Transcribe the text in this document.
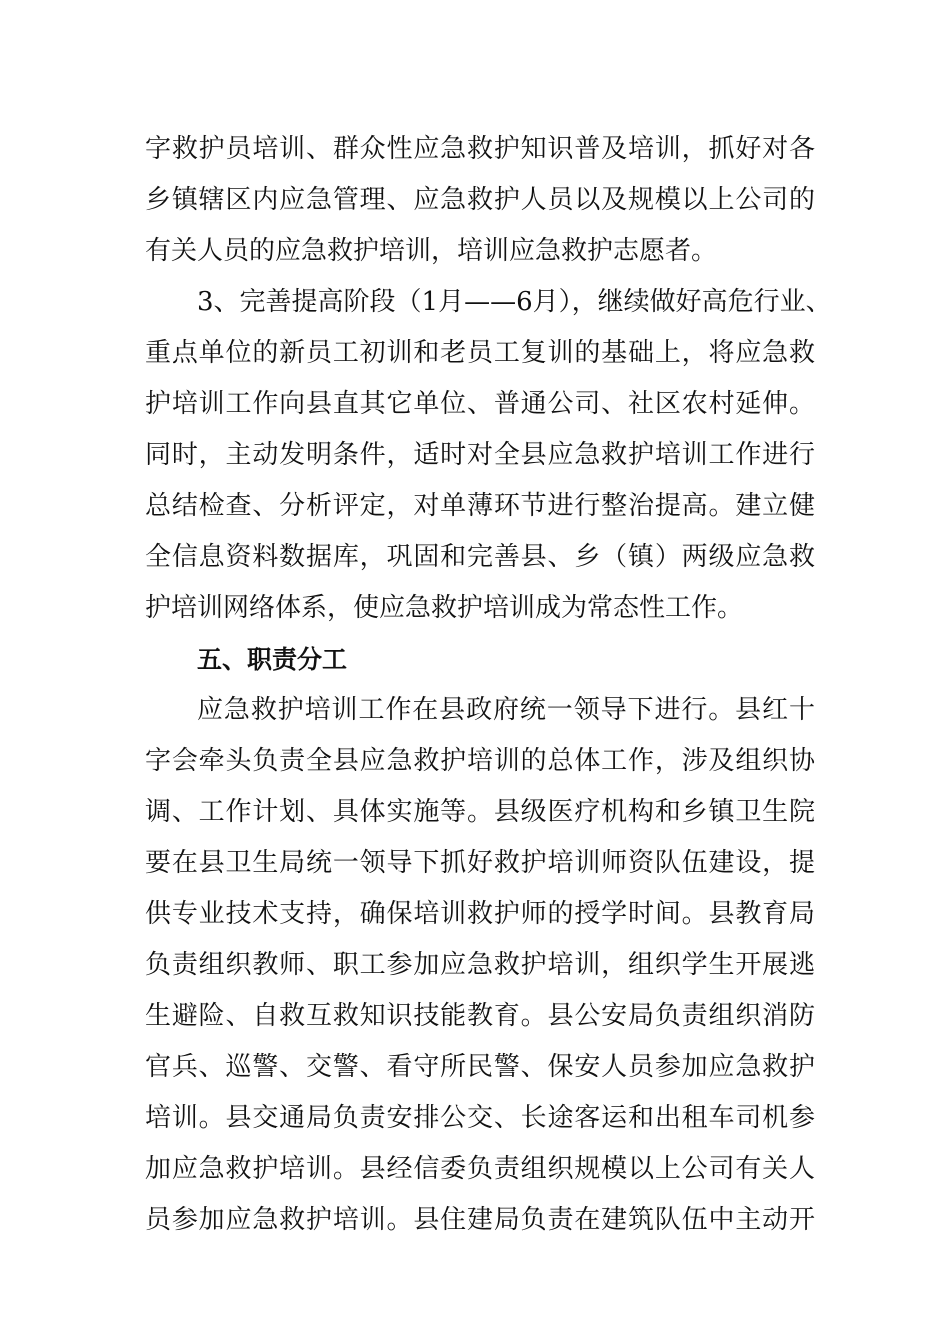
字救护员培训、群众性应急救护知识普及培训，抓好对各
乡镇辖区内应急管理、应急救护人员以及规模以上公司的
有关人员的应急救护培训，培训应急救护志愿者。
3、完善提高阶段（1月——6月），继续做好高危行业、
重点单位的新员工初训和老员工复训的基础上，将应急救
护培训工作向县直其它单位、普通公司、社区农村延伸。
同时，主动发明条件，适时对全县应急救护培训工作进行
总结检查、分析评定，对单薄环节进行整治提高。建立健
全信息资料数据库，巩固和完善县、乡（镇）两级应急救
护培训网络体系，使应急救护培训成为常态性工作。
五、职责分工
应急救护培训工作在县政府统一领导下进行。县红十
字会牵头负责全县应急救护培训的总体工作，涉及组织协
调、工作计划、具体实施等。县级医疗机构和乡镇卫生院
要在县卫生局统一领导下抓好救护培训师资队伍建设，提
供专业技术支持，确保培训救护师的授学时间。县教育局
负责组织教师、职工参加应急救护培训，组织学生开展逃
生避险、自救互救知识技能教育。县公安局负责组织消防
官兵、巡警、交警、看守所民警、保安人员参加应急救护
培训。县交通局负责安排公交、长途客运和出租车司机参
加应急救护培训。县经信委负责组织规模以上公司有关人
员参加应急救护培训。县住建局负责在建筑队伍中主动开
